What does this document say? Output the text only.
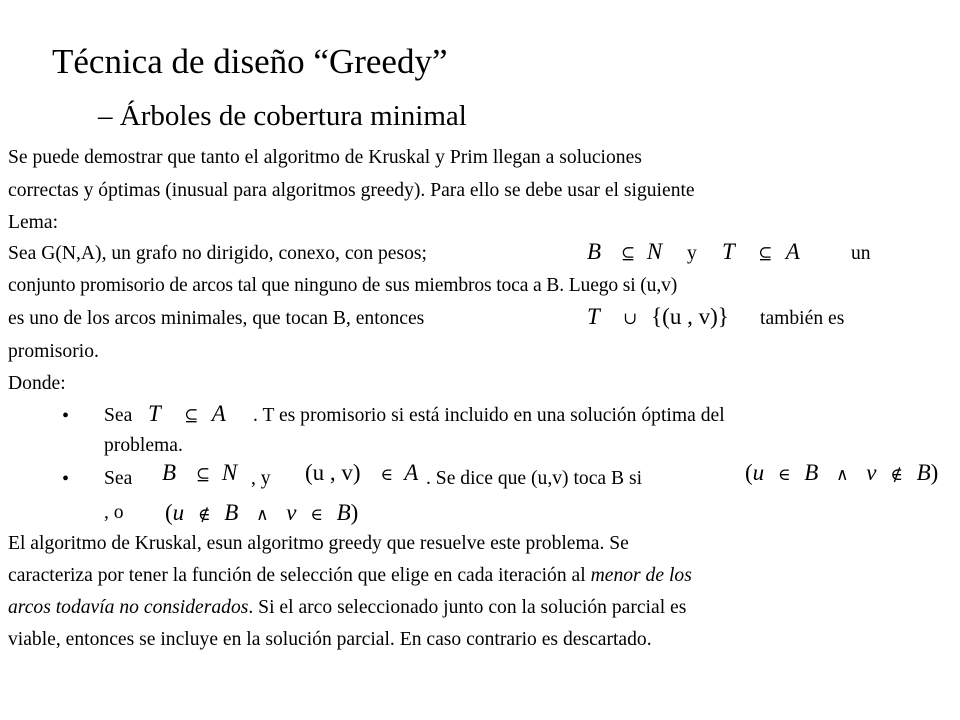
Técnica de diseño “Greedy”
– Árboles de cobertura minimal
Se puede demostrar que tanto el algoritmo de Kruskal y Prim llegan a soluciones
correctas y óptimas (inusual para algoritmos greedy). Para ello se debe usar el siguiente
Lema:
Sea G(N,A), un grafo no dirigido, conexo, con pesos;	B ⊆ N y T ⊆ A	un
conjunto promisorio de arcos tal que ninguno de sus miembros toca a B. Luego si (u,v)
es uno de los arcos minimales, que tocan B, entonces	T ∪ {(u , v)} también es
promisorio.
Donde:
• Sea T ⊆ A . T es promisorio si está incluido en una solución óptima del
problema.
• Sea B ⊆ N , y (u , v) ∈ A . Se dice que (u,v) toca B si	(u ∈ B ∧ v ∉ B)
, o (u ∉ B ∧ v ∈ B)
El algoritmo de Kruskal, esun algoritmo greedy que resuelve este problema. Se
caracteriza por tener la función de selección que elige en cada iteración al menor de los
arcos todavía no considerados. Si el arco seleccionado junto con la solución parcial es
viable, entonces se incluye en la solución parcial. En caso contrario es descartado.
